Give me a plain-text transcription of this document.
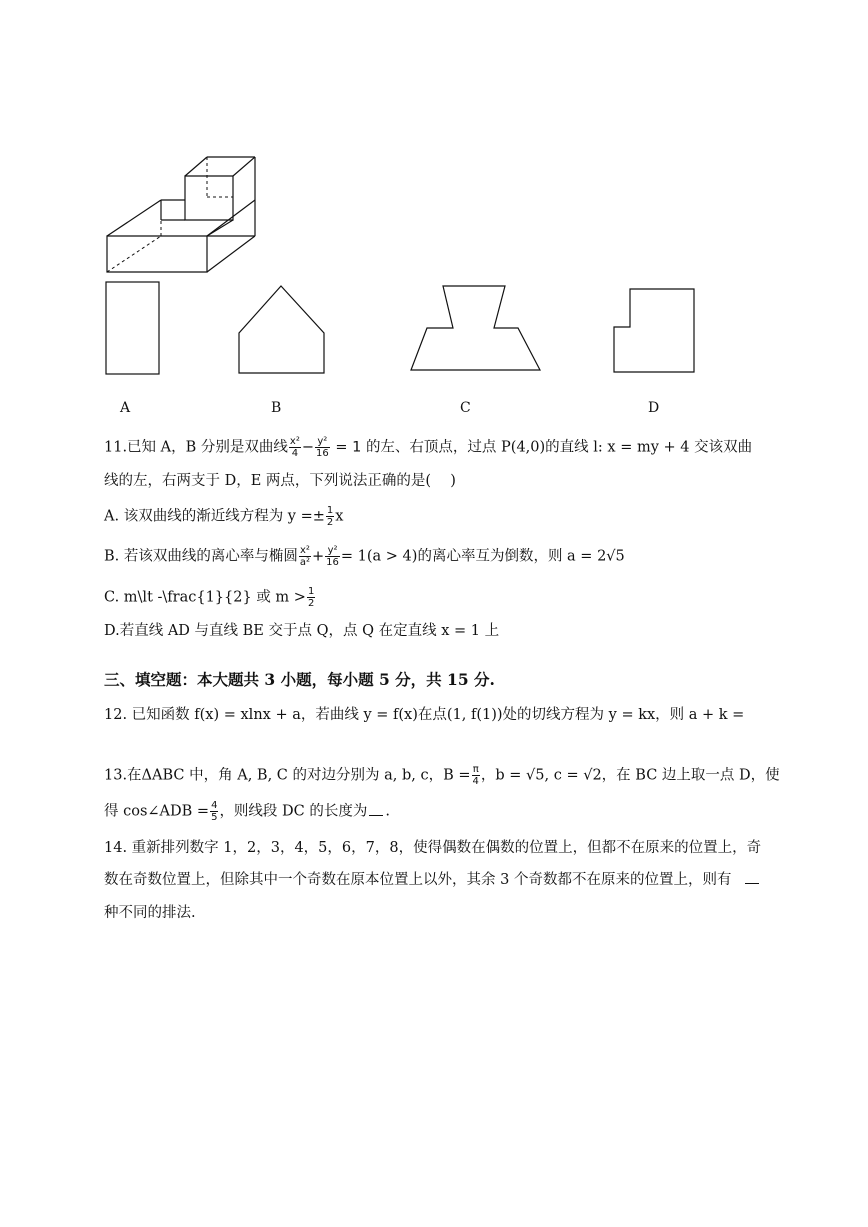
A	B	C	D
11.已知 A，B 分别是双曲线 $\frac{\text{x²}}{4} - \frac{\text{y²}}{16} = 1$ 的左、右顶点，过点 P(4,0)的直线 l: x = my + 4 交该双曲
线的左，右两支于 D，E 两点，下列说法正确的是(　 )
A. 该双曲线的渐近线方程为 $y =\pm \frac{1}{2}$ x
B. 若该双曲线的离心率与椭圆 $\frac{\text{x²}}{\text{a²}} + \frac{\text{y²}}{16} = 1(a > 4)$的离心率互为倒数，则 a = 2√5
C. m\lt -\frac{1}{2} 或 $m > \frac{1}{2}$
D.若直线 AD 与直线 BE 交于点 Q，点 Q 在定直线 x = 1 上
三、填空题：本大题共 3 小题，每小题 5 分，共 15 分.
12. 已知函数 f(x) = xlnx + a，若曲线 y = f(x)在点(1, f(1))处的切线方程为 y = kx，则 a + k =
13.在ΔABC 中，角 A, B, C 的对边分别为 a, b, c，$B = \frac{\pi}{4}$ ，b = √5, c = √2，在 BC 边上取一点 D，使
得 cos∠ADB = $\frac{4}{5}$ ，则线段 DC 的长度为 .
14. 重新排列数字 1，2，3，4，5，6，7，8，使得偶数在偶数的位置上，但都不在原来的位置上，奇
数在奇数位置上，但除其中一个奇数在原本位置上以外，其余 3 个奇数都不在原来的位置上，则有
种不同的排法.
